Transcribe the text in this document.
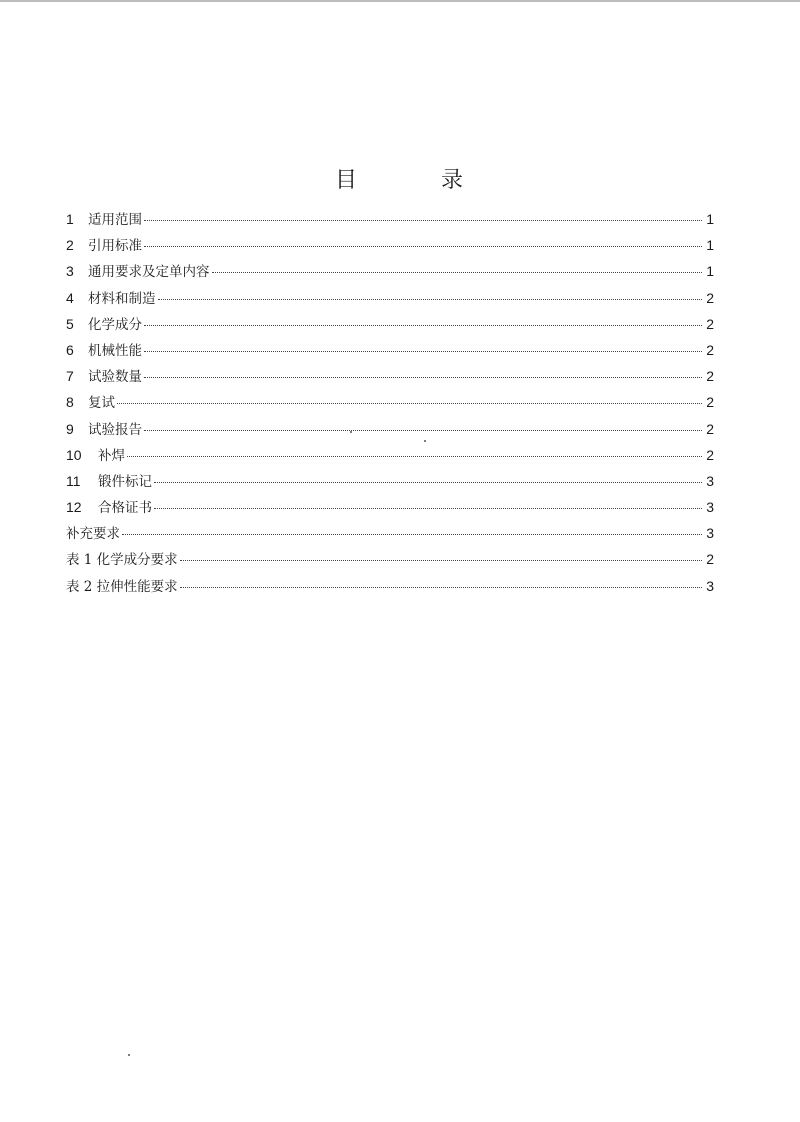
目	录
1	适用范围	1
2	引用标准	1
3	通用要求及定单内容	1
4	材料和制造	2
5	化学成分	2
6	机械性能	2
7	试验数量	2
8	复试	2
9	试验报告	2
10	补焊	2
11	锻件标记	3
12	合格证书	3
补充要求	3
表 1 化学成分要求	2
表 2 拉伸性能要求	3
